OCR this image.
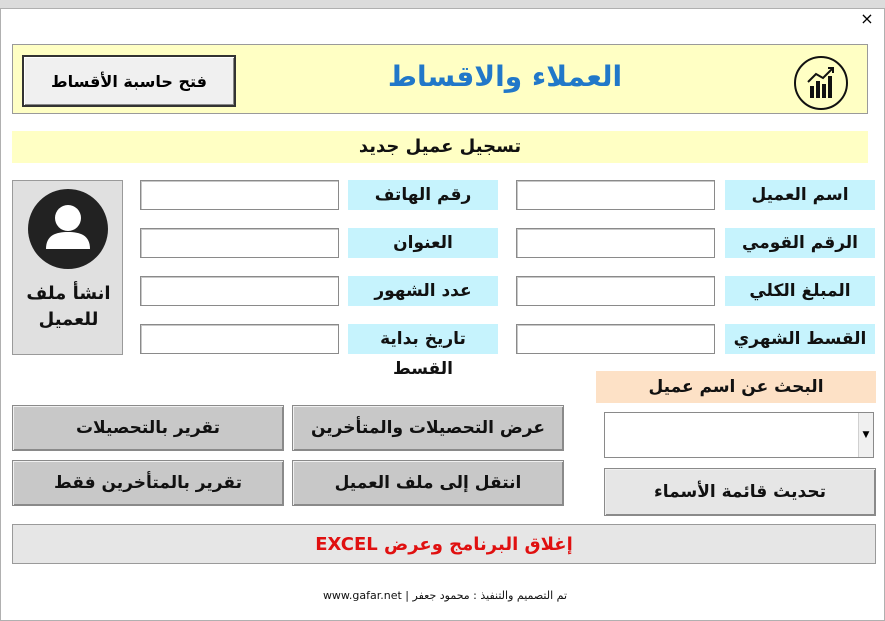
×
العملاء والاقساط
فتح حاسبة الأقساط
تسجيل عميل جديد
اسم العميل
الرقم القومي
المبلغ الكلي
القسط الشهري
رقم الهاتف
العنوان
عدد الشهور
تاريخ بداية القسط
انشأ ملف
للعميل
البحث عن اسم عميل
▼
تحديث قائمة الأسماء
عرض التحصيلات والمتأخرين
تقرير بالتحصيلات
انتقل إلى ملف العميل
تقرير بالمتأخرين فقط
إغلاق البرنامج وعرض EXCEL
تم التصميم والتنفيذ : محمود جعفر | www.gafar.net
